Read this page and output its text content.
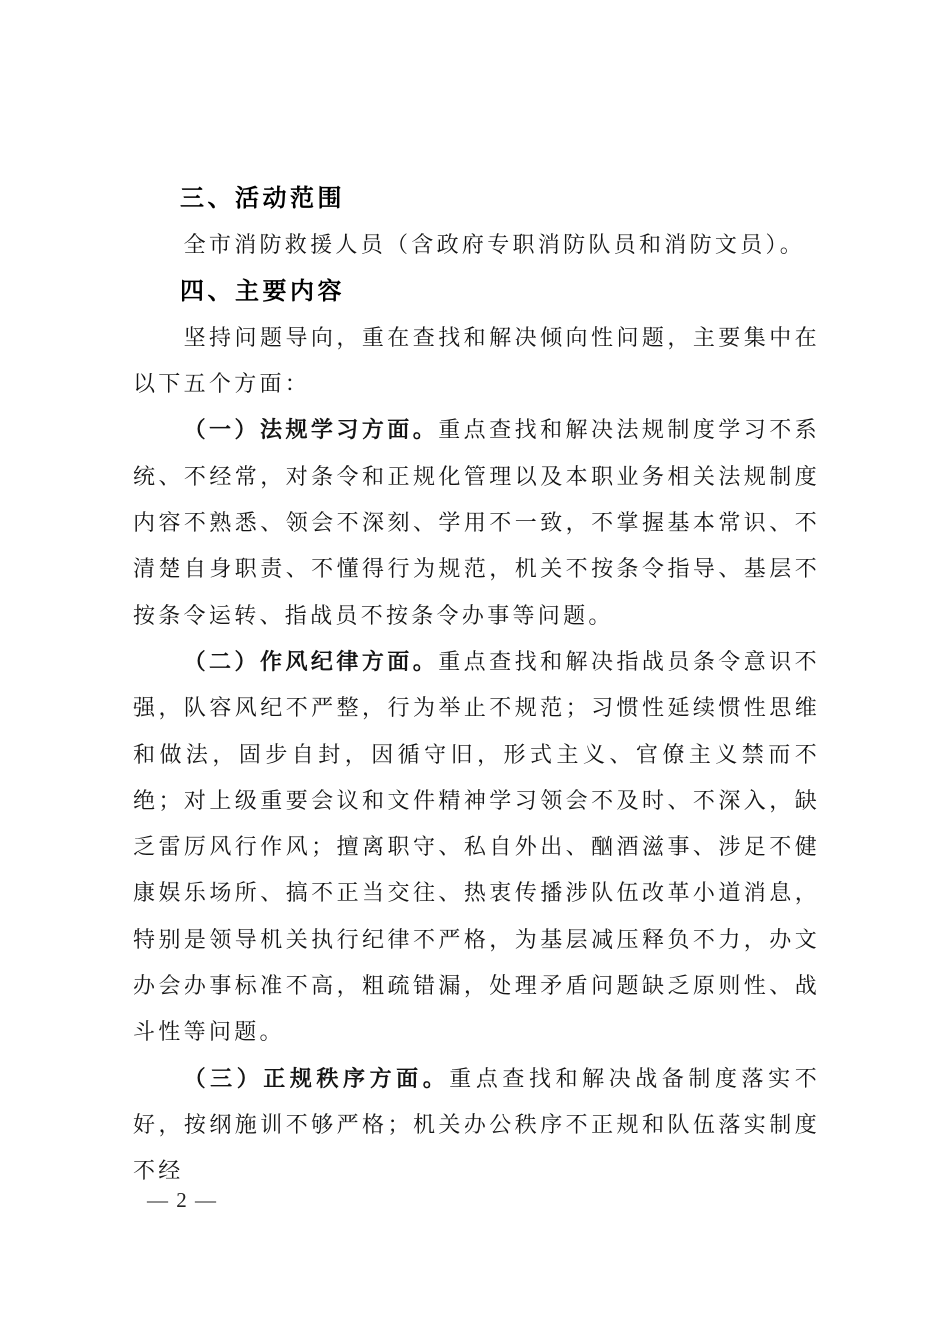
三、活动范围

全市消防救援人员（含政府专职消防队员和消防文员）。

四、主要内容

坚持问题导向，重在查找和解决倾向性问题，主要集中在以下五个方面：

（一）法规学习方面。重点查找和解决法规制度学习不系统、不经常，对条令和正规化管理以及本职业务相关法规制度内容不熟悉、领会不深刻、学用不一致，不掌握基本常识、不清楚自身职责、不懂得行为规范，机关不按条令指导、基层不按条令运转、指战员不按条令办事等问题。

（二）作风纪律方面。重点查找和解决指战员条令意识不强，队容风纪不严整，行为举止不规范；习惯性延续惯性思维和做法，固步自封，因循守旧，形式主义、官僚主义禁而不绝；对上级重要会议和文件精神学习领会不及时、不深入，缺乏雷厉风行作风；擅离职守、私自外出、酗酒滋事、涉足不健康娱乐场所、搞不正当交往、热衷传播涉队伍改革小道消息，特别是领导机关执行纪律不严格，为基层减压释负不力，办文办会办事标准不高，粗疏错漏，处理矛盾问题缺乏原则性、战斗性等问题。

（三）正规秩序方面。重点查找和解决战备制度落实不好，按纲施训不够严格；机关办公秩序不正规和队伍落实制度不经

— 2 —
